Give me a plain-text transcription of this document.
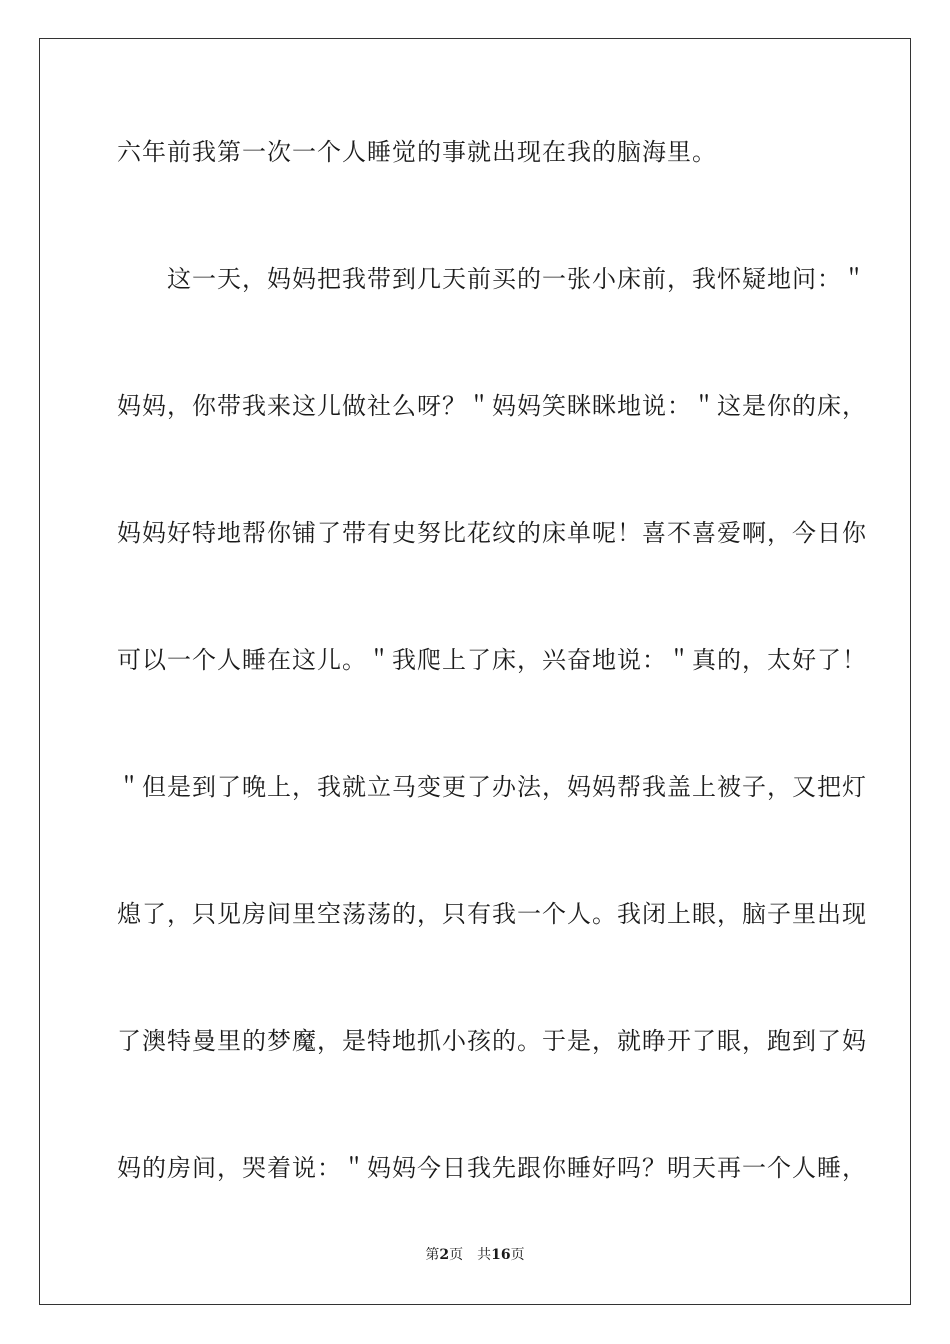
六年前我第一次一个人睡觉的事就出现在我的脑海里。
　　这一天，妈妈把我带到几天前买的一张小床前，我怀疑地问：＂
妈妈，你带我来这儿做社么呀？＂妈妈笑眯眯地说：＂这是你的床，
妈妈好特地帮你铺了带有史努比花纹的床单呢！喜不喜爱啊，今日你
可以一个人睡在这儿。＂我爬上了床，兴奋地说：＂真的，太好了！
＂但是到了晚上，我就立马变更了办法，妈妈帮我盖上被子，又把灯
熄了，只见房间里空荡荡的，只有我一个人。我闭上眼，脑子里出现
了澳特曼里的梦魔，是特地抓小孩的。于是，就睁开了眼，跑到了妈
妈的房间，哭着说：＂妈妈今日我先跟你睡好吗？明天再一个人睡，
第2页 共16页
